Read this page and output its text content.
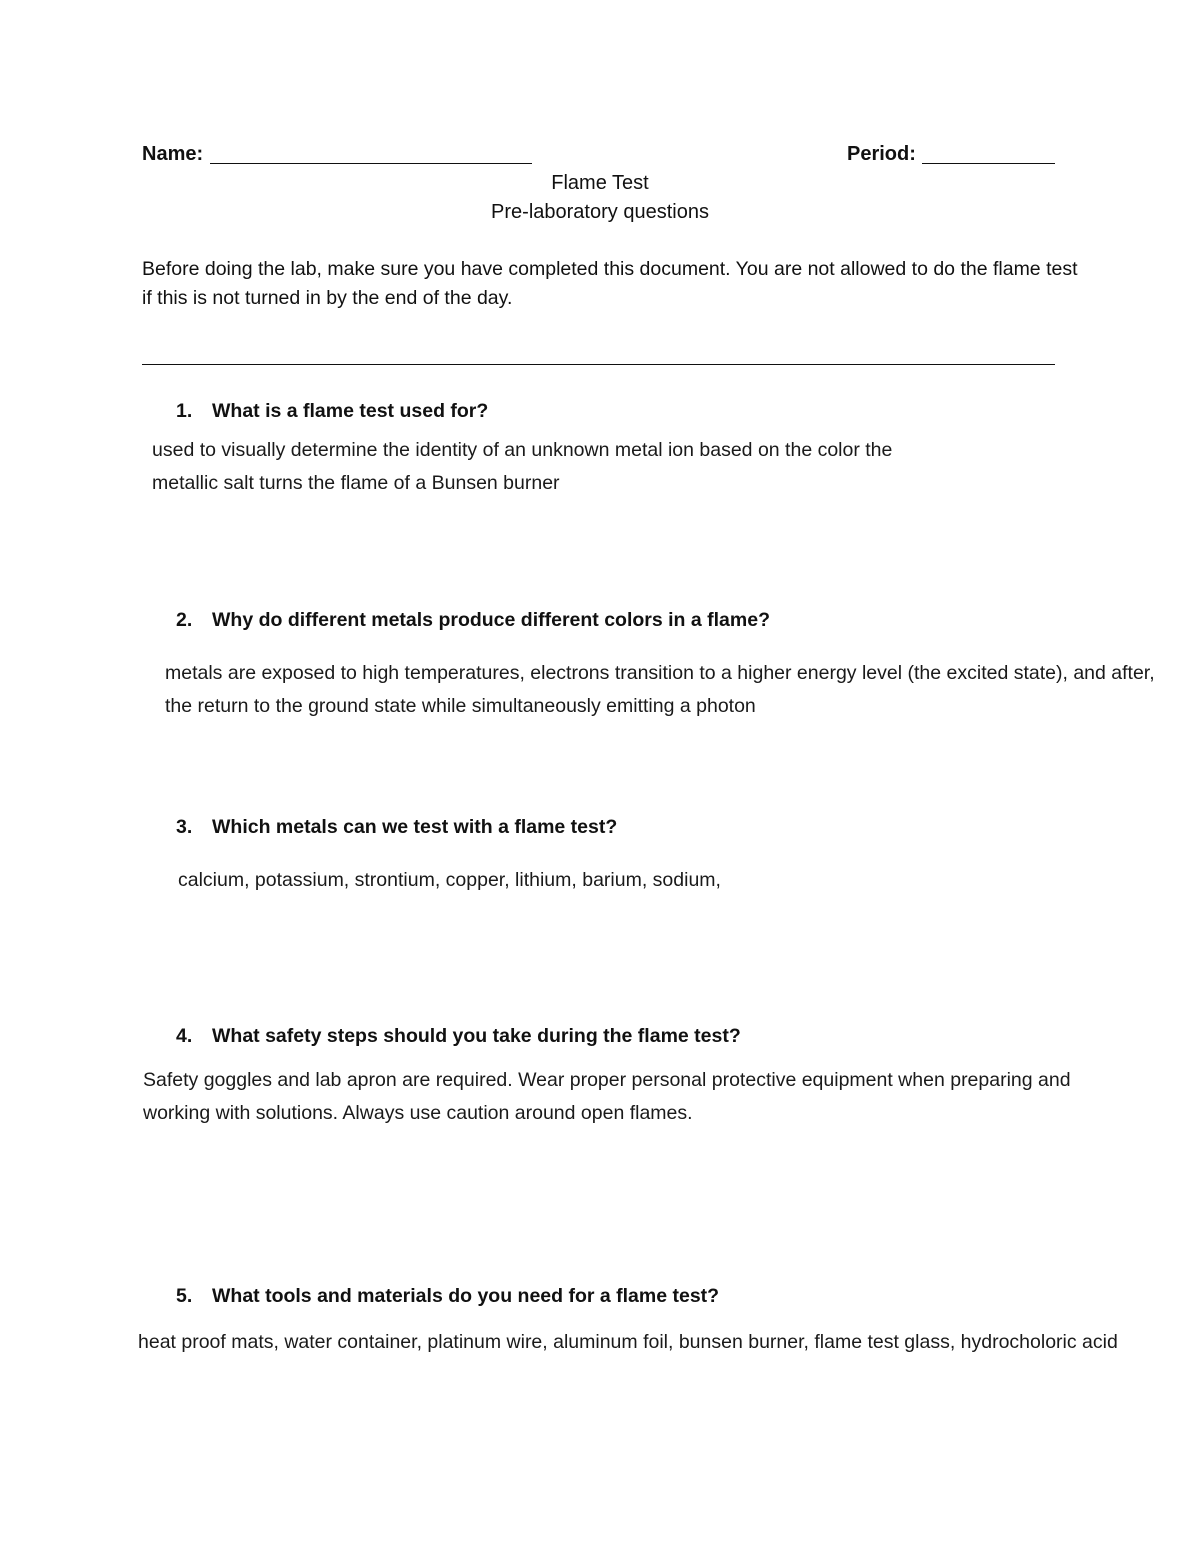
Name:	Period:
Flame Test
Pre-laboratory questions
Before doing the lab, make sure you have completed this document. You are not allowed to do the flame test if this is not turned in by the end of the day.
1. What is a flame test used for?
used to visually determine the identity of an unknown metal ion based on the color the metallic salt turns the flame of a Bunsen burner
2. Why do different metals produce different colors in a flame?
metals are exposed to high temperatures, electrons transition to a higher energy level (the excited state), and after, the return to the ground state while simultaneously emitting a photon
3. Which metals can we test with a flame test?
calcium, potassium, strontium, copper, lithium, barium, sodium,
4. What safety steps should you take during the flame test?
Safety goggles and lab apron are required. Wear proper personal protective equipment when preparing and working with solutions. Always use caution around open flames.
5. What tools and materials do you need for a flame test?
heat proof mats, water container, platinum wire, aluminum foil, bunsen burner, flame test glass, hydrocholoric acid
